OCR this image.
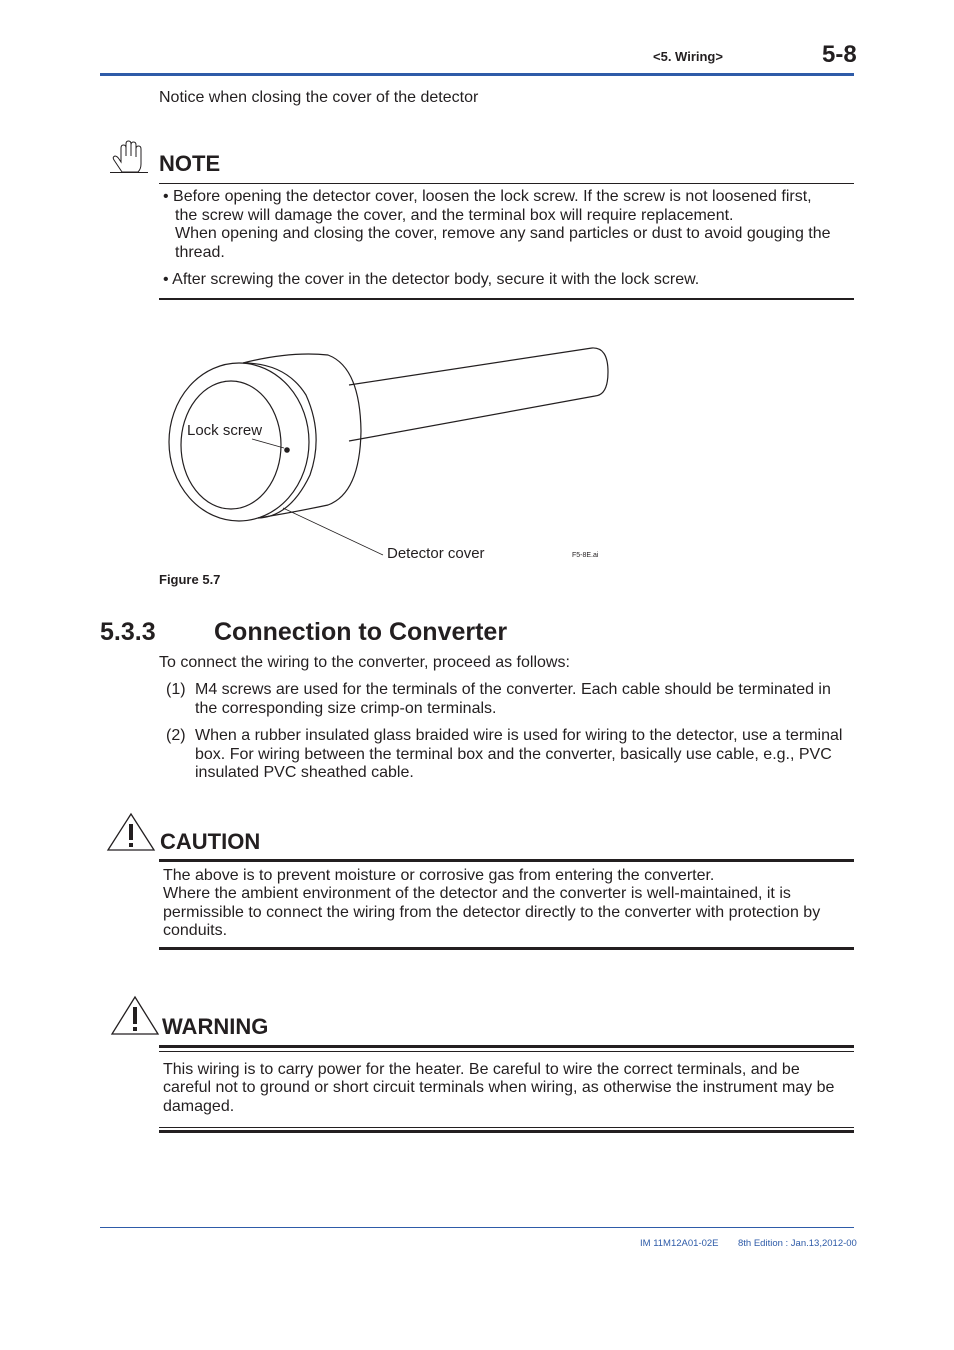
<5. Wiring>	5-8
Notice when closing the cover of the detector
NOTE
• Before opening the detector cover, loosen the lock screw. If the screw is not loosened first,
the screw will damage the cover, and the terminal box will require replacement.
When opening and closing the cover, remove any sand particles or dust to avoid gouging the
thread.
• After screwing the cover in the detector body, secure it with the lock screw.
Lock screw
Detector cover	F5-8E.ai
Figure 5.7
5.3.3 Connection to Converter
To connect the wiring to the converter, proceed as follows:
(1) M4 screws are used for the terminals of the converter. Each cable should be terminated in
the corresponding size crimp-on terminals.
(2) When a rubber insulated glass braided wire is used for wiring to the detector, use a terminal
box. For wiring between the terminal box and the converter, basically use cable, e.g., PVC
insulated PVC sheathed cable.
CAUTION
The above is to prevent moisture or corrosive gas from entering the converter.
Where the ambient environment of the detector and the converter is well-maintained, it is
permissible to connect the wiring from the detector directly to the converter with protection by
conduits.
WARNING
This wiring is to carry power for the heater. Be careful to wire the correct terminals, and be
careful not to ground or short circuit terminals when wiring, as otherwise the instrument may be
damaged.
IM 11M12A01-02E 8th Edition : Jan.13,2012-00
